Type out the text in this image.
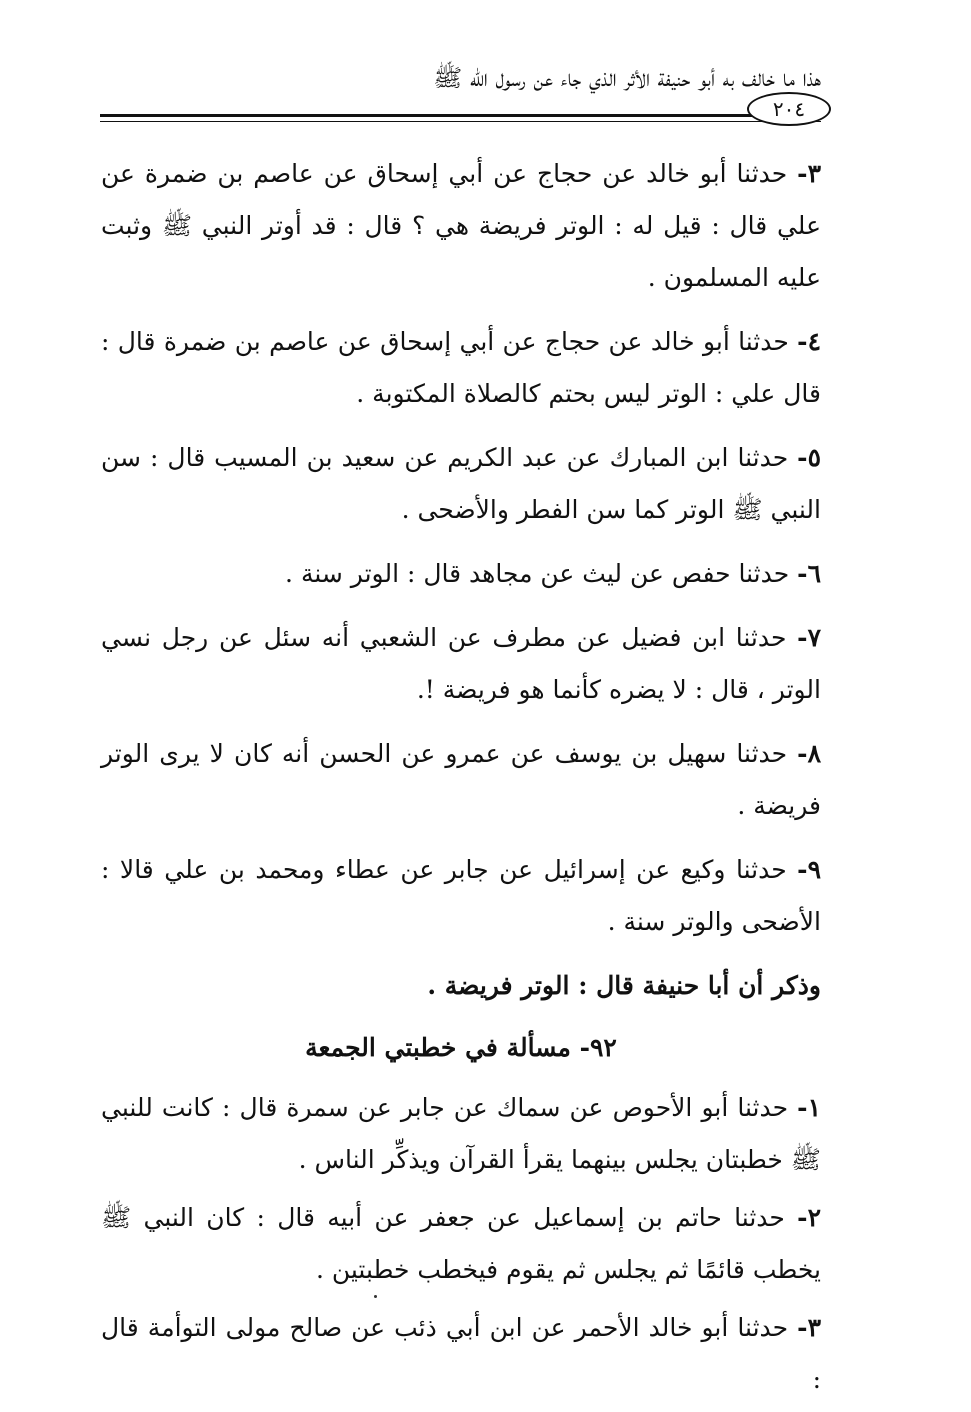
هذا ما خالف به أبو حنيفة الأثر الذي جاء عن رسول الله ﷺ
٢٠٤

٣- حدثنا أبو خالد عن حجاج عن أبي إسحاق عن عاصم بن ضمرة عن علي قال : قيل له : الوتر فريضة هي ؟ قال : قد أوتر النبي ﷺ وثبت عليه المسلمون .

٤- حدثنا أبو خالد عن حجاج عن أبي إسحاق عن عاصم بن ضمرة قال : قال علي : الوتر ليس بحتم كالصلاة المكتوبة .

٥- حدثنا ابن المبارك عن عبد الكريم عن سعيد بن المسيب قال : سن النبي ﷺ الوتر كما سن الفطر والأضحى .

٦- حدثنا حفص عن ليث عن مجاهد قال : الوتر سنة .

٧- حدثنا ابن فضيل عن مطرف عن الشعبي أنه سئل عن رجل نسي الوتر ، قال : لا يضره كأنما هو فريضة !.

٨- حدثنا سهيل بن يوسف عن عمرو عن الحسن أنه كان لا يرى الوتر فريضة .

٩- حدثنا وكيع عن إسرائيل عن جابر عن عطاء ومحمد بن علي قالا : الأضحى والوتر سنة .

وذكر أن أبا حنيفة قال : الوتر فريضة .

٩٢- مسألة في خطبتي الجمعة

١- حدثنا أبو الأحوص عن سماك عن جابر عن سمرة قال : كانت للنبي ﷺ خطبتان يجلس بينهما يقرأ القرآن ويذكِّر الناس .

٢- حدثنا حاتم بن إسماعيل عن جعفر عن أبيه قال : كان النبي ﷺ يخطب قائمًا ثم يجلس ثم يقوم فيخطب خطبتين .

٣- حدثنا أبو خالد الأحمر عن ابن أبي ذئب عن صالح مولى التوأمة قال :
